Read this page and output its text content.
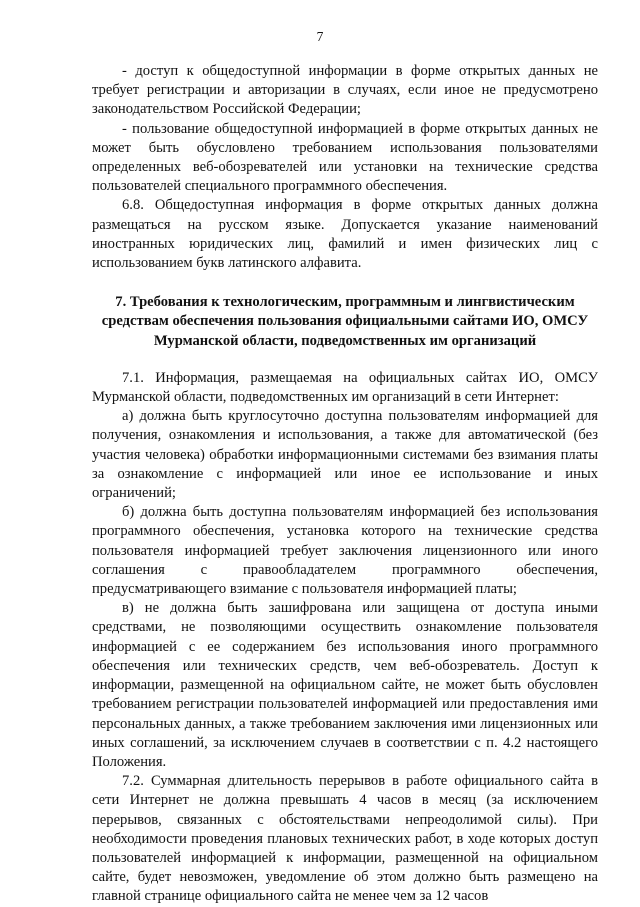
7

- доступ к общедоступной информации в форме открытых данных не требует регистрации и авторизации в случаях, если иное не предусмотрено законодательством Российской Федерации;

- пользование общедоступной информацией в форме открытых данных не может быть обусловлено требованием использования пользователями определенных веб-обозревателей или установки на технические средства пользователей специального программного обеспечения.

6.8. Общедоступная информация в форме открытых данных должна размещаться на русском языке. Допускается указание наименований иностранных юридических лиц, фамилий и имен физических лиц с использованием букв латинского алфавита.

7. Требования к технологическим, программным и лингвистическим средствам обеспечения пользования официальными сайтами ИО, ОМСУ Мурманской области, подведомственных им организаций

7.1. Информация, размещаемая на официальных сайтах ИО, ОМСУ Мурманской области, подведомственных им организаций в сети Интернет:

а) должна быть круглосуточно доступна пользователям информацией для получения, ознакомления и использования, а также для автоматической (без участия человека) обработки информационными системами без взимания платы за ознакомление с информацией или иное ее использование и иных ограничений;

б) должна быть доступна пользователям информацией без использования программного обеспечения, установка которого на технические средства пользователя информацией требует заключения лицензионного или иного соглашения с правообладателем программного обеспечения, предусматривающего взимание с пользователя информацией платы;

в) не должна быть зашифрована или защищена от доступа иными средствами, не позволяющими осуществить ознакомление пользователя информацией с ее содержанием без использования иного программного обеспечения или технических средств, чем веб-обозреватель. Доступ к информации, размещенной на официальном сайте, не может быть обусловлен требованием регистрации пользователей информацией или предоставления ими персональных данных, а также требованием заключения ими лицензионных или иных соглашений, за исключением случаев в соответствии с п. 4.2 настоящего Положения.

7.2. Суммарная длительность перерывов в работе официального сайта в сети Интернет не должна превышать 4 часов в месяц (за исключением перерывов, связанных с обстоятельствами непреодолимой силы). При необходимости проведения плановых технических работ, в ходе которых доступ пользователей информацией к информации, размещенной на официальном сайте, будет невозможен, уведомление об этом должно быть размещено на главной странице официального сайта не менее чем за 12 часов
